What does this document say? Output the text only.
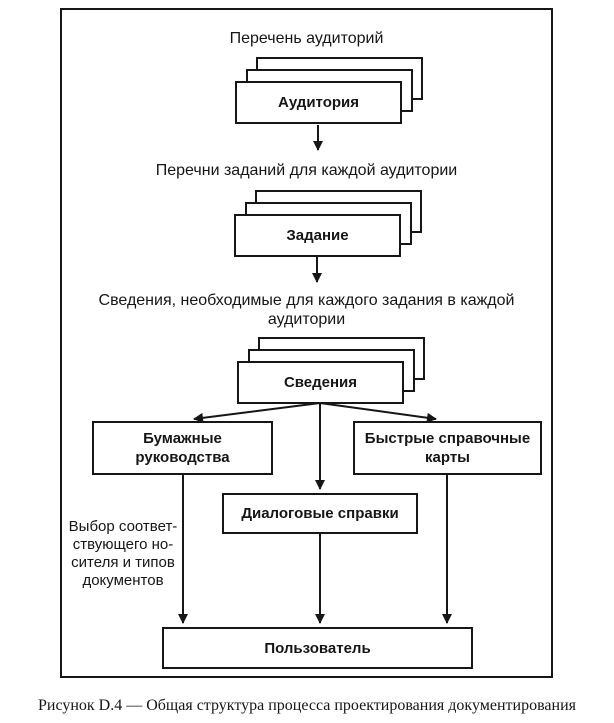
Перечень аудиторий
Аудитория
Перечни заданий для каждой аудитории
Задание
Сведения, необходимые для каждого задания в каждой
аудитории
Сведения
Бумажные
руководства
Быстрые справочные
карты
Диалоговые справки
Выбор соответ-
ствующего но-
сителя и типов
документов
Пользователь
Рисунок D.4 — Общая структура процесса проектирования документирования
